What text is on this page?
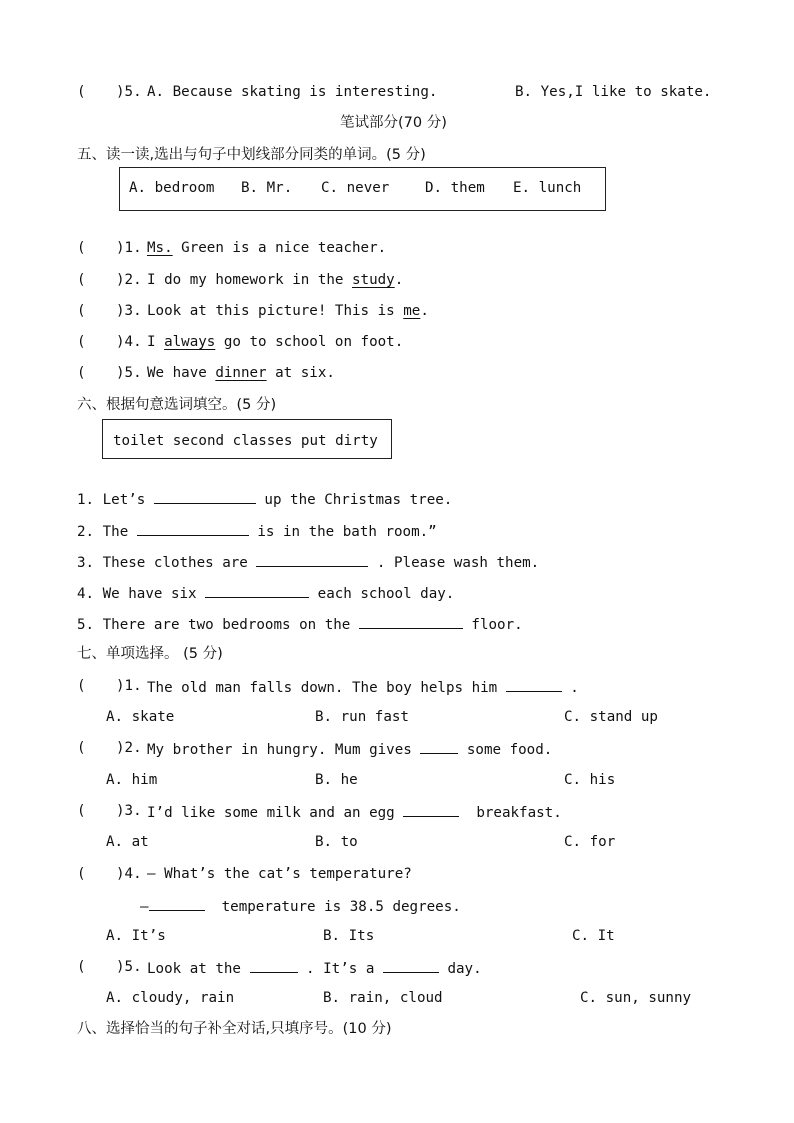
( )5. A. Because skating is interesting.	B. Yes,I like to skate.
笔试部分(70 分)
五、读一读,选出与句子中划线部分同类的单词。(5 分)
A. bedroom B. Mr. C. never	D. them E. lunch
( )1. Ms. Green is a nice teacher.
( )2. I do my homework in the study.
( )3. Look at this picture! This is me.
( )4. I always go to school on foot.
( )5. We have dinner at six.
六、根据句意选词填空。(5 分)
toilet second classes put dirty
1. Let’s	up the Christmas tree.
2. The	is in the bath room.”
3. These clothes are	. Please wash them.
4. We have six	each school day.
5. There are two bedrooms on the	floor.
七、单项选择。 (5 分)
( )1. The old man falls down. The boy helps him	.
A. skate	B. run fast	C. stand up
( )2. My brother in hungry. Mum gives	some food.
A. him	B. he	C. his
( )3. I’d like some milk and an egg	breakfast.
A. at	B. to	C. for
( )4. — What’s the cat’s temperature?
—	temperature is 38.5 degrees.
A. It’s	B. Its	C. It
( )5. Look at the	. It’s a	day.
A. cloudy, rain	B. rain, cloud	C. sun, sunny
八、选择恰当的句子补全对话,只填序号。(10 分)
